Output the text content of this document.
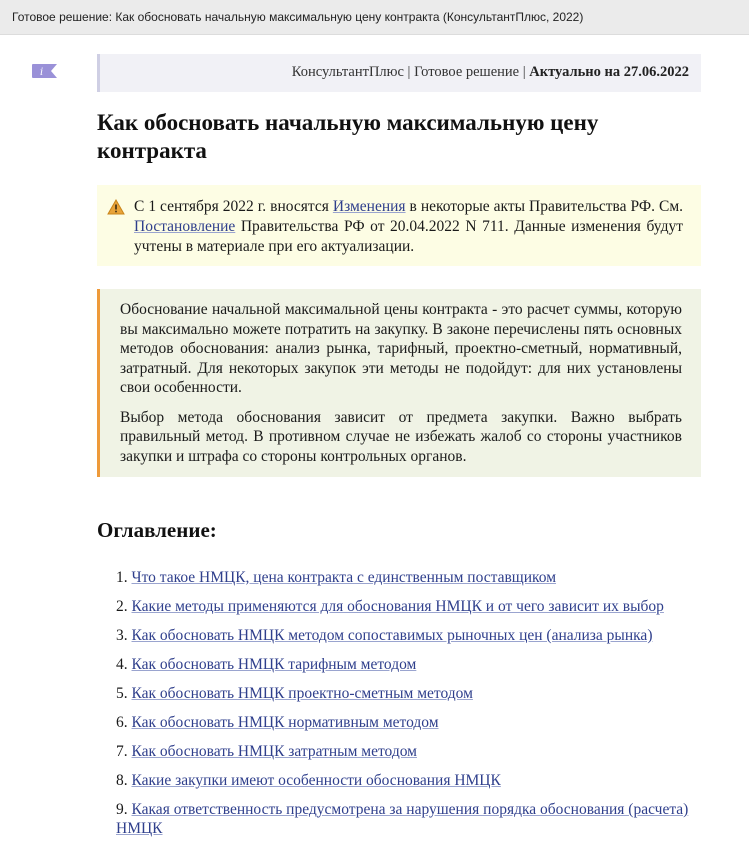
Готовое решение: Как обосновать начальную максимальную цену контракта (КонсультантПлюс, 2022)
i	КонсультантПлюс | Готовое решение | Актуально на 27.06.2022
Как обосновать начальную максимальную цену контракта
С 1 сентября 2022 г. вносятся Изменения в некоторые акты Правительства РФ. См. Постановление Правительства РФ от 20.04.2022 N 711. Данные изменения будут учтены в материале при его актуализации.

Обоснование начальной максимальной цены контракта - это расчет суммы, которую вы максимально можете потратить на закупку. В законе перечислены пять основных методов обоснования: анализ рынка, тарифный, проектно-сметный, нормативный, затратный. Для некоторых закупок эти методы не подойдут: для них установлены свои особенности.

Выбор метода обоснования зависит от предмета закупки. Важно выбрать правильный метод. В противном случае не избежать жалоб со стороны участников закупки и штрафа со стороны контрольных органов.

Оглавление:
1. Что такое НМЦК, цена контракта с единственным поставщиком
2. Какие методы применяются для обоснования НМЦК и от чего зависит их выбор
3. Как обосновать НМЦК методом сопоставимых рыночных цен (анализа рынка)
4. Как обосновать НМЦК тарифным методом
5. Как обосновать НМЦК проектно-сметным методом
6. Как обосновать НМЦК нормативным методом
7. Как обосновать НМЦК затратным методом
8. Какие закупки имеют особенности обоснования НМЦК
9. Какая ответственность предусмотрена за нарушения порядка обоснования (расчета) НМЦК
